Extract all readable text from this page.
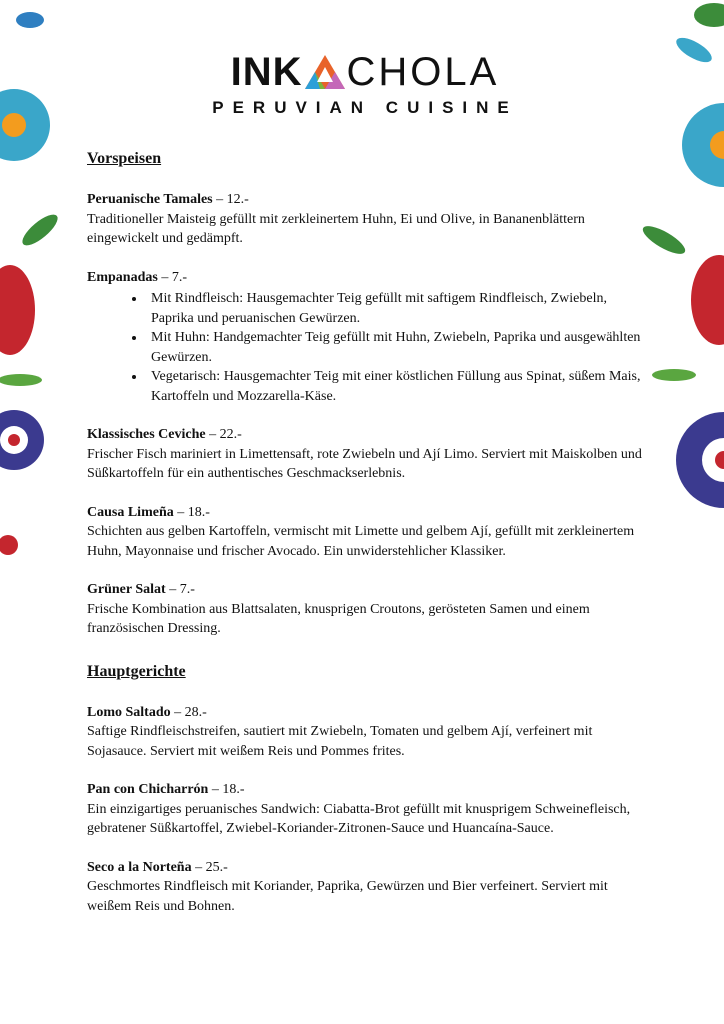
INK CHOLA
PERUVIAN CUISINE
Vorspeisen
Peruanische Tamales – 12.-
Traditioneller Maisteig gefüllt mit zerkleinertem Huhn, Ei und Olive, in Bananenblättern eingewickelt und gedämpft.
Empanadas – 7.-
• Mit Rindfleisch: Hausgemachter Teig gefüllt mit saftigem Rindfleisch, Zwiebeln, Paprika und peruanischen Gewürzen.
• Mit Huhn: Handgemachter Teig gefüllt mit Huhn, Zwiebeln, Paprika und ausgewählten Gewürzen.
• Vegetarisch: Hausgemachter Teig mit einer köstlichen Füllung aus Spinat, süßem Mais, Kartoffeln und Mozzarella-Käse.
Klassisches Ceviche – 22.-
Frischer Fisch mariniert in Limettensaft, rote Zwiebeln und Ají Limo. Serviert mit Maiskolben und Süßkartoffeln für ein authentisches Geschmackserlebnis.
Causa Limeña – 18.-
Schichten aus gelben Kartoffeln, vermischt mit Limette und gelbem Ají, gefüllt mit zerkleinertem Huhn, Mayonnaise und frischer Avocado. Ein unwiderstehlicher Klassiker.
Grüner Salat – 7.-
Frische Kombination aus Blattsalaten, knusprigen Croutons, gerösteten Samen und einem französischen Dressing.
Hauptgerichte
Lomo Saltado – 28.-
Saftige Rindfleischstreifen, sautiert mit Zwiebeln, Tomaten und gelbem Ají, verfeinert mit Sojasauce. Serviert mit weißem Reis und Pommes frites.
Pan con Chicharrón – 18.-
Ein einzigartiges peruanisches Sandwich: Ciabatta-Brot gefüllt mit knusprigem Schweinefleisch, gebratener Süßkartoffel, Zwiebel-Koriander-Zitronen-Sauce und Huancaína-Sauce.
Seco a la Norteña – 25.-
Geschmortes Rindfleisch mit Koriander, Paprika, Gewürzen und Bier verfeinert. Serviert mit weißem Reis und Bohnen.
